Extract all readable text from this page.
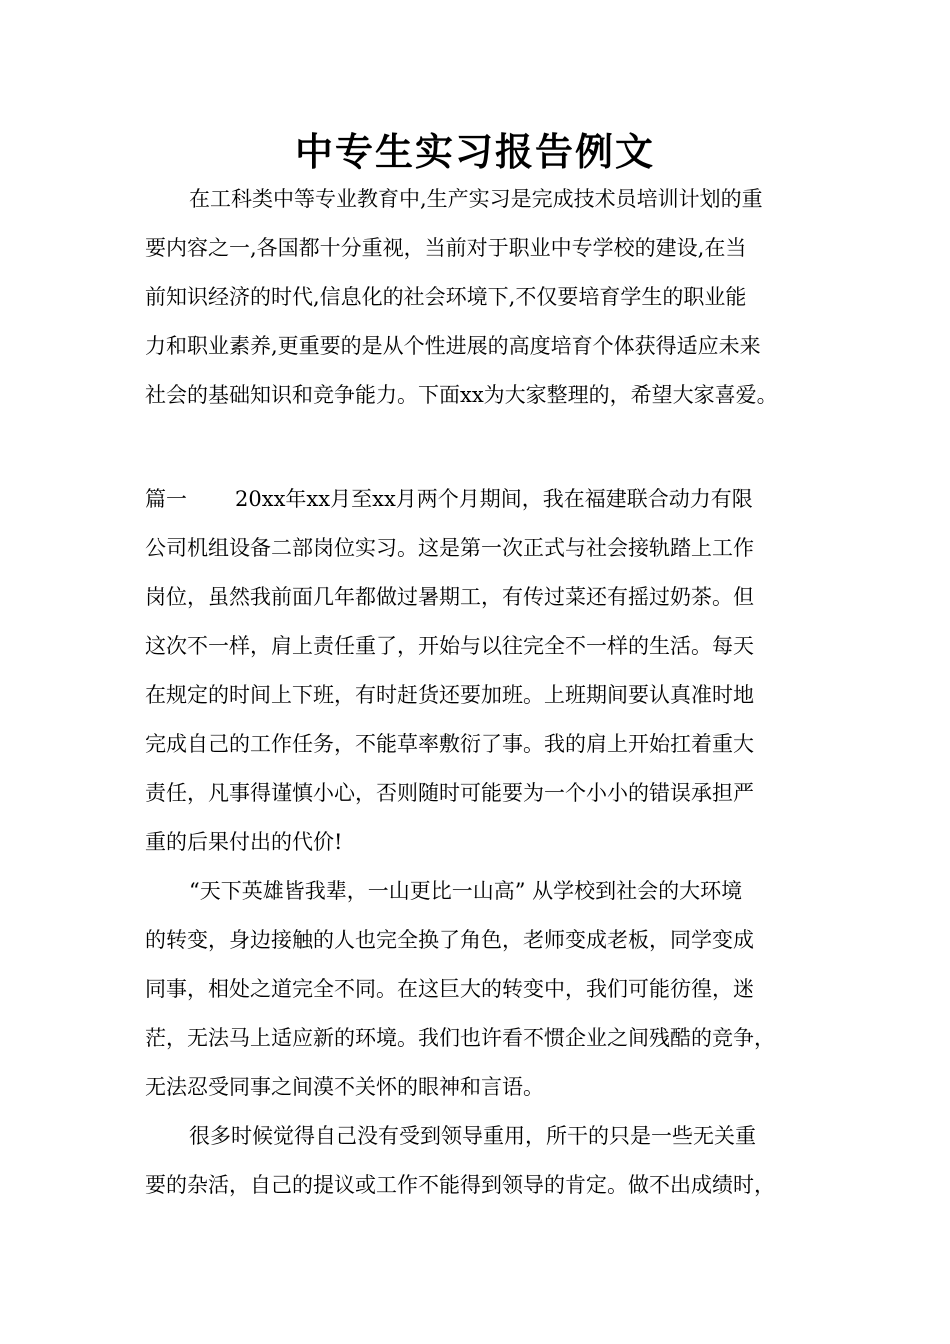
中专生实习报告例文
在工科类中等专业教育中,生产实习是完成技术员培训计划的重
要内容之一,各国都十分重视，当前对于职业中专学校的建设,在当
前知识经济的时代,信息化的社会环境下,不仅要培育学生的职业能
力和职业素养,更重要的是从个性进展的高度培育个体获得适应未来
社会的基础知识和竞争能力。下面xx为大家整理的，希望大家喜爱。
篇一 20xx年xx月至xx月两个月期间，我在福建联合动力有限
公司机组设备二部岗位实习。这是第一次正式与社会接轨踏上工作
岗位，虽然我前面几年都做过暑期工，有传过菜还有摇过奶茶。但
这次不一样，肩上责任重了，开始与以往完全不一样的生活。每天
在规定的时间上下班，有时赶货还要加班。上班期间要认真准时地
完成自己的工作任务，不能草率敷衍了事。我的肩上开始扛着重大
责任，凡事得谨慎小心，否则随时可能要为一个小小的错误承担严
重的后果付出的代价!
“天下英雄皆我辈，一山更比一山高” 从学校到社会的大环境
的转变，身边接触的人也完全换了角色，老师变成老板，同学变成
同事，相处之道完全不同。在这巨大的转变中，我们可能彷徨，迷
茫，无法马上适应新的环境。我们也许看不惯企业之间残酷的竞争，
无法忍受同事之间漠不关怀的眼神和言语。
很多时候觉得自己没有受到领导重用，所干的只是一些无关重
要的杂活，自己的提议或工作不能得到领导的肯定。做不出成绩时，
